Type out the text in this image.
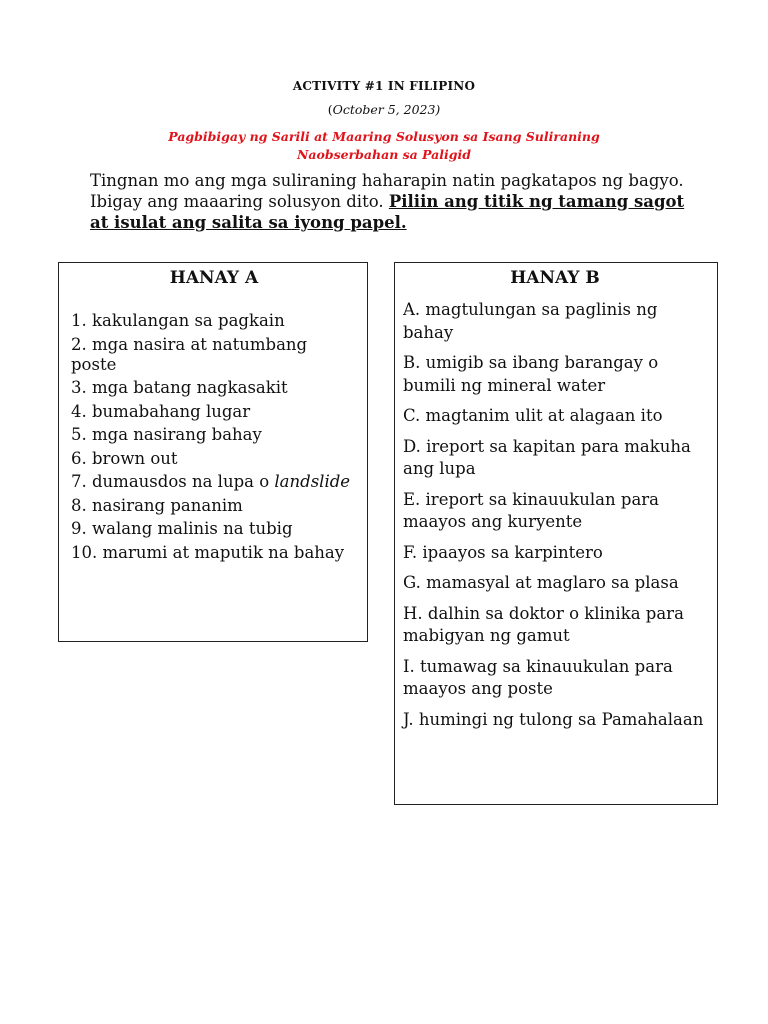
ACTIVITY #1 IN FILIPINO
(October 5, 2023)
Pagbibigay ng Sarili at Maaring Solusyon sa Isang Suliraning
Naobserbahan sa Paligid
Tingnan mo ang mga suliraning haharapin natin pagkatapos ng bagyo. Ibigay ang maaaring solusyon dito. Piliin ang titik ng tamang sagot at isulat ang salita sa iyong papel.
HANAY A
1. kakulangan sa pagkain
2. mga nasira at natumbang poste
3. mga batang nagkasakit
4. bumabahang lugar
5. mga nasirang bahay
6. brown out
7. dumausdos na lupa o landslide
8. nasirang pananim
9. walang malinis na tubig
10. marumi at maputik na bahay
HANAY B
A. magtulungan sa paglinis ng bahay
B. umigib sa ibang barangay o bumili ng mineral water
C. magtanim ulit at alagaan ito
D. ireport sa kapitan para makuha ang lupa
E. ireport sa kinauukulan para maayos ang kuryente
F. ipaayos sa karpintero
G. mamasyal at maglaro sa plasa
H. dalhin sa doktor o klinika para mabigyan ng gamut
I. tumawag sa kinauukulan para maayos ang poste
J. humingi ng tulong sa Pamahalaan
